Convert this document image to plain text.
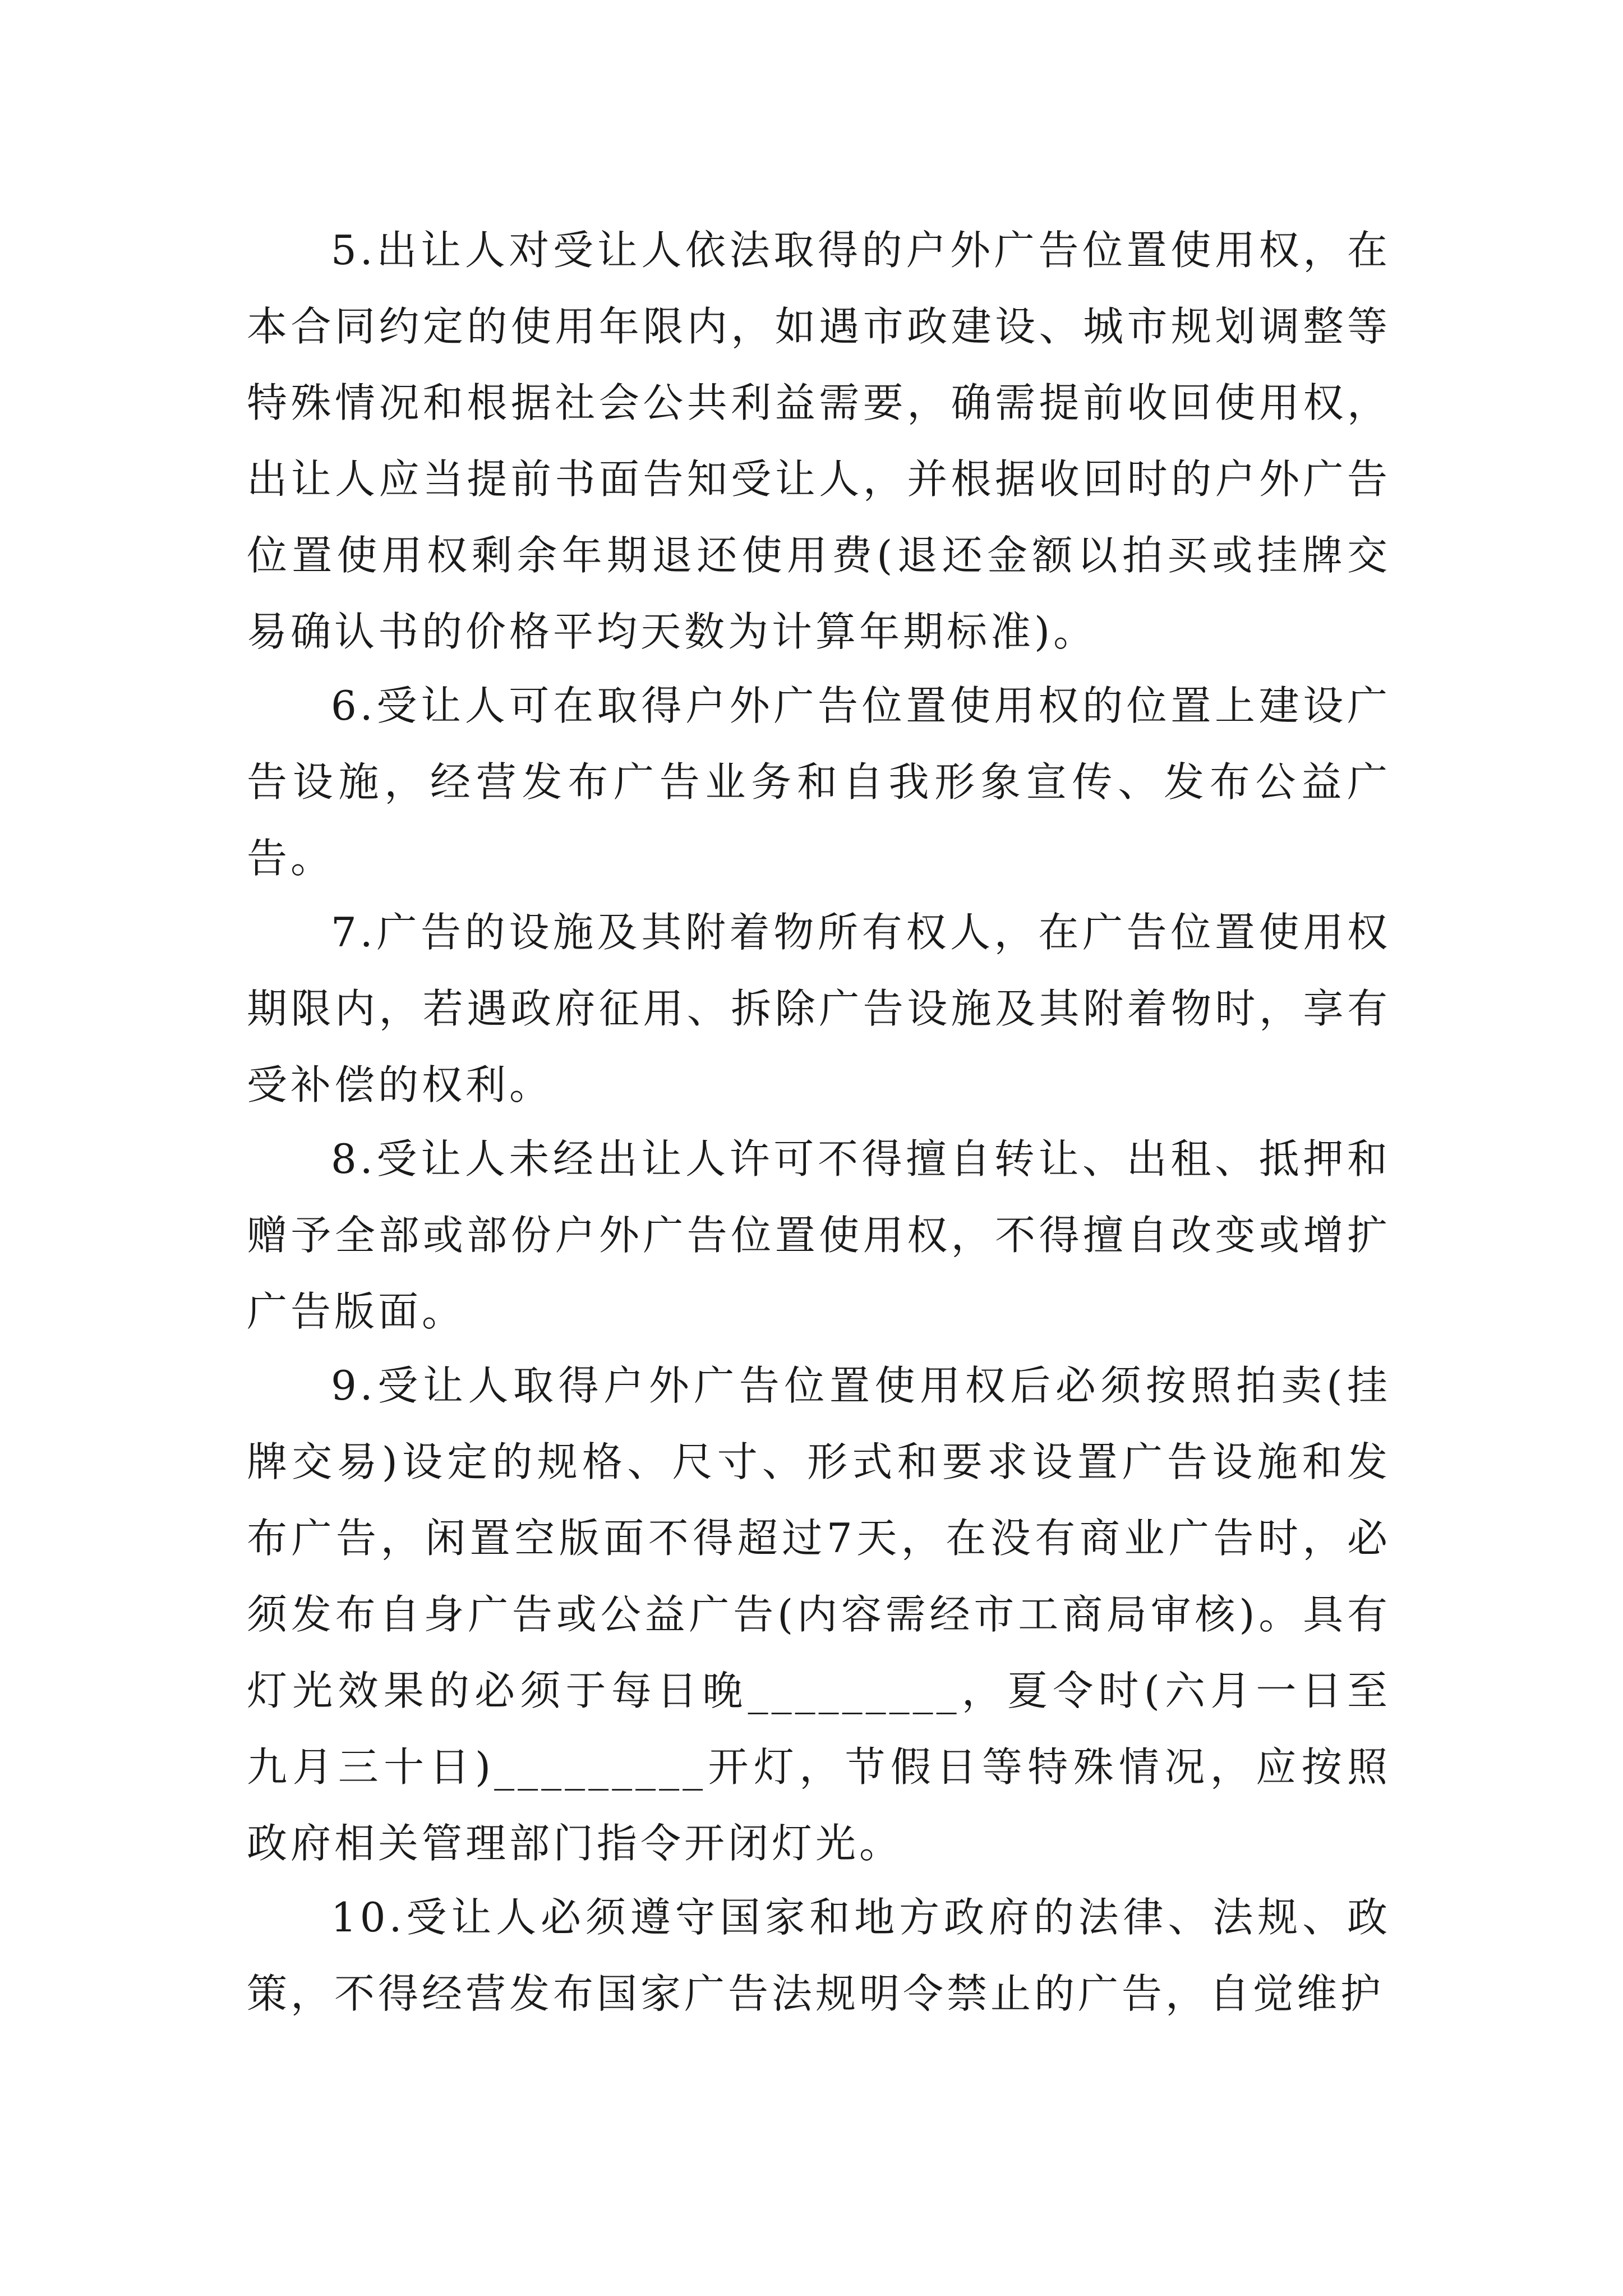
5.出让人对受让人依法取得的户外广告位置使用权，在本合同约定的使用年限内，如遇市政建设、城市规划调整等特殊情况和根据社会公共利益需要，确需提前收回使用权，出让人应当提前书面告知受让人，并根据收回时的户外广告位置使用权剩余年期退还使用费(退还金额以拍买或挂牌交易确认书的价格平均天数为计算年期标准)。

6.受让人可在取得户外广告位置使用权的位置上建设广告设施，经营发布广告业务和自我形象宣传、发布公益广告。

7.广告的设施及其附着物所有权人，在广告位置使用权期限内，若遇政府征用、拆除广告设施及其附着物时，享有受补偿的权利。

8.受让人未经出让人许可不得擅自转让、出租、抵押和赠予全部或部份户外广告位置使用权，不得擅自改变或增扩广告版面。

9.受让人取得户外广告位置使用权后必须按照拍卖(挂牌交易)设定的规格、尺寸、形式和要求设置广告设施和发布广告，闲置空版面不得超过7天，在没有商业广告时，必须发布自身广告或公益广告(内容需经市工商局审核)。具有灯光效果的必须于每日晚_________，夏令时(六月一日至九月三十日)_________开灯，节假日等特殊情况，应按照政府相关管理部门指令开闭灯光。

10.受让人必须遵守国家和地方政府的法律、法规、政策，不得经营发布国家广告法规明令禁止的广告，自觉维护
